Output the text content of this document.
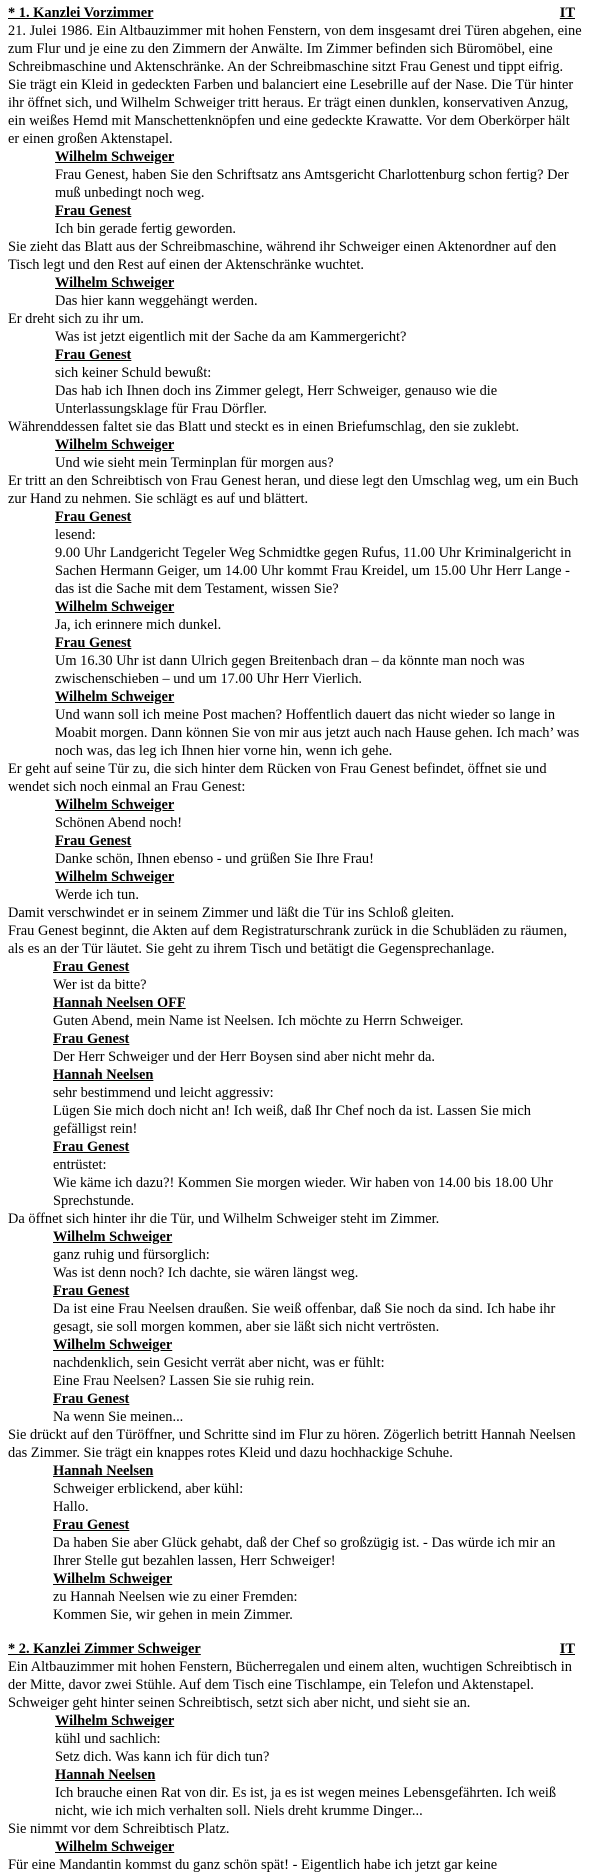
* 1. Kanzlei Vorzimmer	IT
21. Julei 1986. Ein Altbauzimmer mit hohen Fenstern, von dem insgesamt drei Türen abgehen, eine zum Flur und je eine zu den Zimmern der Anwälte. Im Zimmer befinden sich Büromöbel, eine Schreibmaschine und Aktenschränke. An der Schreibmaschine sitzt Frau Genest und tippt eifrig. Sie trägt ein Kleid in gedeckten Farben und balanciert eine Lesebrille auf der Nase. Die Tür hinter ihr öffnet sich, und Wilhelm Schweiger tritt heraus. Er trägt einen dunklen, konservativen Anzug, ein weißes Hemd mit Manschettenknöpfen und eine gedeckte Krawatte. Vor dem Oberkörper hält er einen großen Aktenstapel.
Wilhelm Schweiger
Frau Genest, haben Sie den Schriftsatz ans Amtsgericht Charlottenburg schon fertig? Der muß unbedingt noch weg.
Frau Genest
Ich bin gerade fertig geworden.
Sie zieht das Blatt aus der Schreibmaschine, während ihr Schweiger einen Aktenordner auf den Tisch legt und den Rest auf einen der Aktenschränke wuchtet.
Wilhelm Schweiger
Das hier kann weggehängt werden.
Er dreht sich zu ihr um.
Was ist jetzt eigentlich mit der Sache da am Kammergericht?
Frau Genest
sich keiner Schuld bewußt:
Das hab ich Ihnen doch ins Zimmer gelegt, Herr Schweiger, genauso wie die Unterlassungsklage für Frau Dörfler.
Währenddessen faltet sie das Blatt und steckt es in einen Briefumschlag, den sie zuklebt.
Wilhelm Schweiger
Und wie sieht mein Terminplan für morgen aus?
Er tritt an den Schreibtisch von Frau Genest heran, und diese legt den Umschlag weg, um ein Buch zur Hand zu nehmen. Sie schlägt es auf und blättert.
Frau Genest
lesend:
9.00 Uhr Landgericht Tegeler Weg Schmidtke gegen Rufus, 11.00 Uhr Kriminalgericht in Sachen Hermann Geiger, um 14.00 Uhr kommt Frau Kreidel, um 15.00 Uhr Herr Lange - das ist die Sache mit dem Testament, wissen Sie?
Wilhelm Schweiger
Ja, ich erinnere mich dunkel.
Frau Genest
Um 16.30 Uhr ist dann Ulrich gegen Breitenbach dran – da könnte man noch was zwischenschieben – und um 17.00 Uhr Herr Vierlich.
Wilhelm Schweiger
Und wann soll ich meine Post machen? Hoffentlich dauert das nicht wieder so lange in Moabit morgen. Dann können Sie von mir aus jetzt auch nach Hause gehen. Ich mach’ was noch was, das leg ich Ihnen hier vorne hin, wenn ich gehe.
Er geht auf seine Tür zu, die sich hinter dem Rücken von Frau Genest befindet, öffnet sie und wendet sich noch einmal an Frau Genest:
Wilhelm Schweiger
Schönen Abend noch!
Frau Genest
Danke schön, Ihnen ebenso - und grüßen Sie Ihre Frau!
Wilhelm Schweiger
Werde ich tun.
Damit verschwindet er in seinem Zimmer und läßt die Tür ins Schloß gleiten.
Frau Genest beginnt, die Akten auf dem Registraturschrank zurück in die Schubläden zu räumen, als es an der Tür läutet. Sie geht zu ihrem Tisch und betätigt die Gegensprechanlage.
Frau Genest
Wer ist da bitte?
Hannah Neelsen OFF
Guten Abend, mein Name ist Neelsen. Ich möchte zu Herrn Schweiger.
Frau Genest
Der Herr Schweiger und der Herr Boysen sind aber nicht mehr da.
Hannah Neelsen
sehr bestimmend und leicht aggressiv:
Lügen Sie mich doch nicht an! Ich weiß, daß Ihr Chef noch da ist. Lassen Sie mich gefälligst rein!
Frau Genest
entrüstet:
Wie käme ich dazu?! Kommen Sie morgen wieder. Wir haben von 14.00 bis 18.00 Uhr Sprechstunde.
Da öffnet sich hinter ihr die Tür, und Wilhelm Schweiger steht im Zimmer.
Wilhelm Schweiger
ganz ruhig und fürsorglich:
Was ist denn noch? Ich dachte, sie wären längst weg.
Frau Genest
Da ist eine Frau Neelsen draußen. Sie weiß offenbar, daß Sie noch da sind. Ich habe ihr gesagt, sie soll morgen kommen, aber sie läßt sich nicht vertrösten.
Wilhelm Schweiger
nachdenklich, sein Gesicht verrät aber nicht, was er fühlt:
Eine Frau Neelsen? Lassen Sie sie ruhig rein.
Frau Genest
Na wenn Sie meinen...
Sie drückt auf den Türöffner, und Schritte sind im Flur zu hören. Zögerlich betritt Hannah Neelsen das Zimmer. Sie trägt ein knappes rotes Kleid und dazu hochhackige Schuhe.
Hannah Neelsen
Schweiger erblickend, aber kühl:
Hallo.
Frau Genest
Da haben Sie aber Glück gehabt, daß der Chef so großzügig ist. - Das würde ich mir an Ihrer Stelle gut bezahlen lassen, Herr Schweiger!
Wilhelm Schweiger
zu Hannah Neelsen wie zu einer Fremden:
Kommen Sie, wir gehen in mein Zimmer.
* 2. Kanzlei Zimmer Schweiger	IT
Ein Altbauzimmer mit hohen Fenstern, Bücherregalen und einem alten, wuchtigen Schreibtisch in der Mitte, davor zwei Stühle. Auf dem Tisch eine Tischlampe, ein Telefon und Aktenstapel. Schweiger geht hinter seinen Schreibtisch, setzt sich aber nicht, und sieht sie an.
Wilhelm Schweiger
kühl und sachlich:
Setz dich. Was kann ich für dich tun?
Hannah Neelsen
Ich brauche einen Rat von dir. Es ist, ja es ist wegen meines Lebensgefährten. Ich weiß nicht, wie ich mich verhalten soll. Niels dreht krumme Dinger...
Sie nimmt vor dem Schreibtisch Platz.
Wilhelm Schweiger
Für eine Mandantin kommst du ganz schön spät! - Eigentlich habe ich jetzt gar keine
